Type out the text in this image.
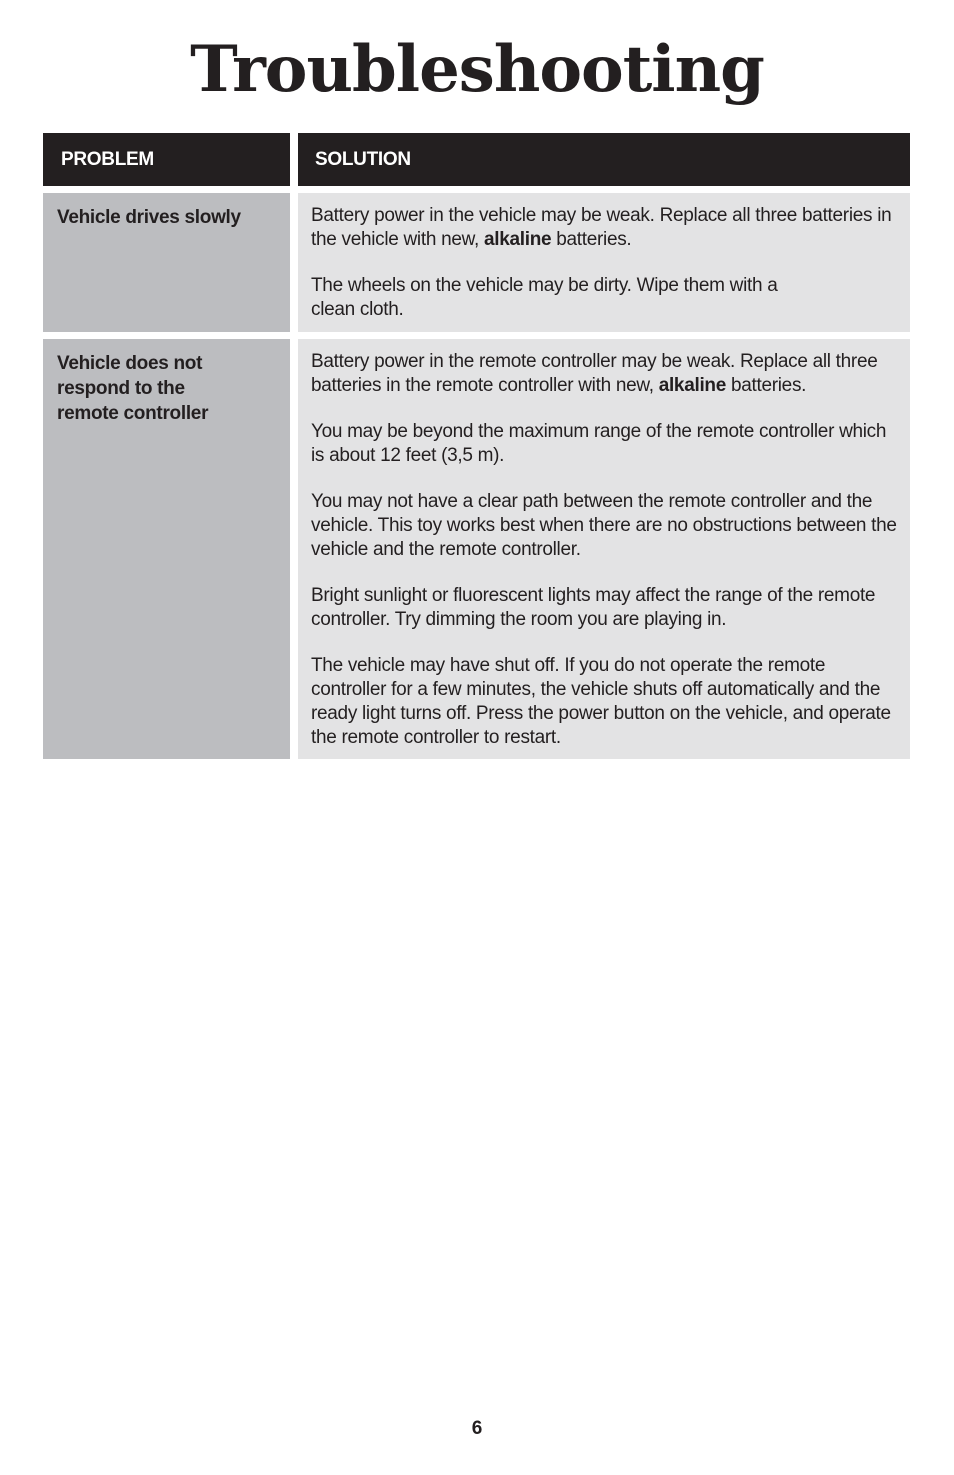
Troubleshooting
PROBLEM	SOLUTION
Vehicle drives slowly	Battery power in the vehicle may be weak. Replace all three batteries in the vehicle with new, alkaline batteries.

The wheels on the vehicle may be dirty. Wipe them with a clean cloth.

Vehicle does not respond to the remote controller

Battery power in the remote controller may be weak. Replace all three batteries in the remote controller with new, alkaline batteries.

You may be beyond the maximum range of the remote controller which is about 12 feet (3,5 m).

You may not have a clear path between the remote controller and the vehicle. This toy works best when there are no obstructions between the vehicle and the remote controller.

Bright sunlight or fluorescent lights may affect the range of the remote controller. Try dimming the room you are playing in.

The vehicle may have shut off. If you do not operate the remote controller for a few minutes, the vehicle shuts off automatically and the ready light turns off. Press the power button on the vehicle, and operate the remote controller to restart.

6
